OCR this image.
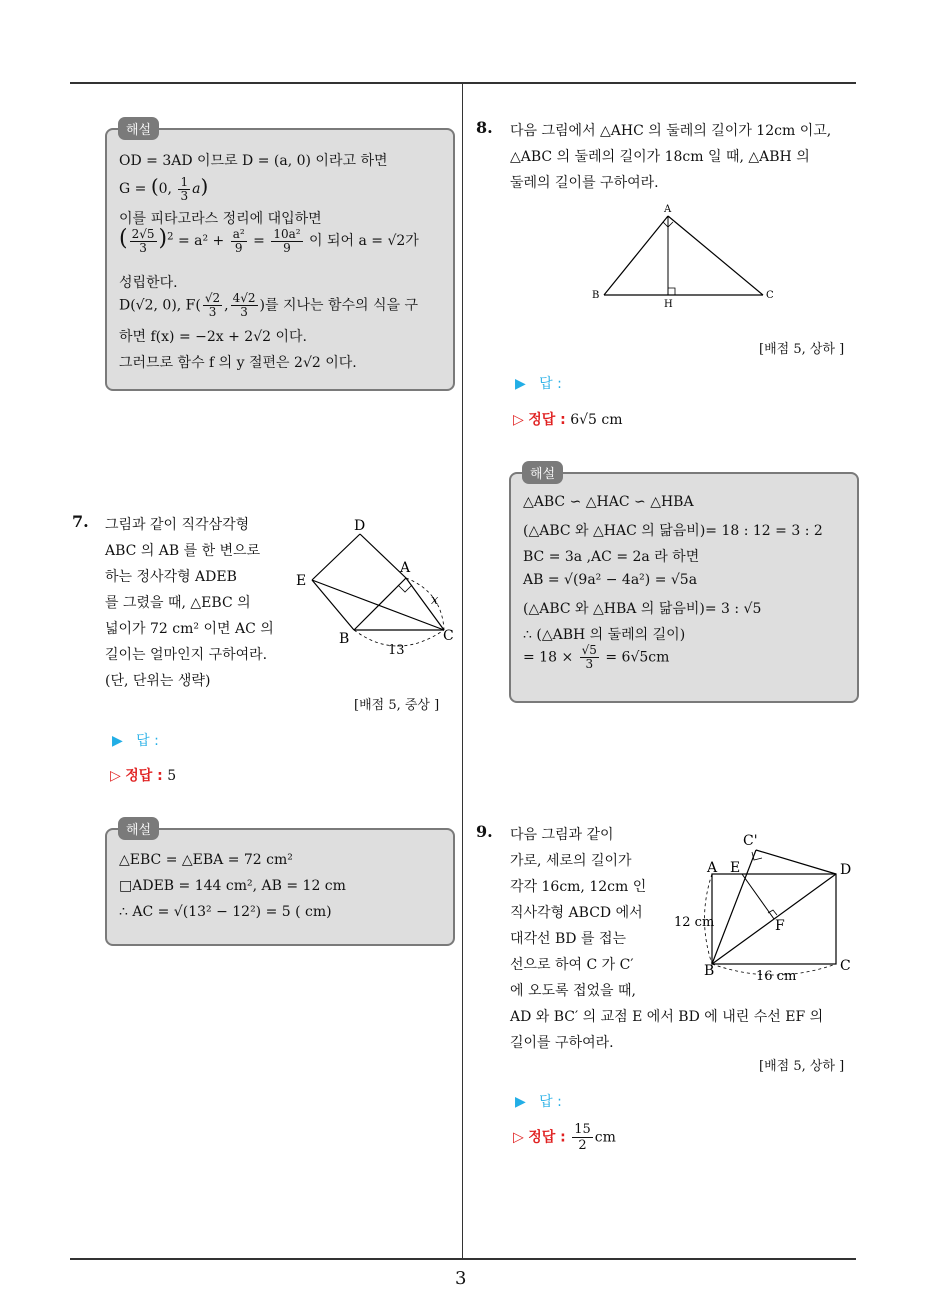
3
OD = 3AD 이므로 D = (a, 0) 이라고 하면
G = (0, $\frac{1}{3} a$)
이를 피타고라스 정리에 대입하면
( $\frac{2√5}{3} )^2 = a^2 + \frac{\text{a²}}{9} = \frac{\text{10a²}}{9}$ 이 되어 a = √2가
성립한다.
D(√2, 0), $F( \frac{√2}{3}$ , $\frac{4√2}{3}$ )를 지나는 함수의 식을 구
하면 f(x) = −2x + 2√2 이다.
그러므로 함수 f 의 y 절편은 2√2 이다.
해설
7. 그림과 같이 직각삼각형
ABC 의 AB 를 한 변으로
하는 정사각형 ADEB
를 그렸을 때, △EBC 의
넓이가 72 cm² 이면 AC 의
길이는 얼마인지 구하여라.
(단, 단위는 생략)
D
A
E
B	C
x
13
[배점 5, 중상 ]
▶ 답 :
▷ 정답 : 5
△EBC = △EBA = 72 cm²
□ADEB = 144 cm², AB = 12 cm
∴ AC = √(13² − 12²) = 5 ( cm)
해설
8. 다음 그림에서 △AHC 의 둘레의 길이가 12cm 이고,
△ABC 의 둘레의 길이가 18cm 일 때, △ABH 의
둘레의 길이를 구하여라.
A
B
H
C
[배점 5, 상하 ]
▶ 답 :
▷ 정답 : 6√5 cm
△ABC ∽ △HAC ∽ △HBA
(△ABC 와 △HAC 의 닮음비)= 18 : 12 = 3 : 2
BC = 3a ,AC = 2a 라 하면
AB = √(9a² − 4a²) = √5a
(△ABC 와 △HBA 의 닮음비)= 3 : √5
∴ (△ABH 의 둘레의 길이)
= $18 \times \frac{√5}{3} = 6√5cm$
해설
9. 다음 그림과 같이
가로, 세로의 길이가
각각 16cm, 12cm 인
직사각형 ABCD 에서
대각선 BD 를 접는
선으로 하여 C 가 C′
에 오도록 접었을 때,
AD 와 BC′ 의 교점 E 에서 BD 에 내린 수선 EF 의
길이를 구하여라.
C'
A E	D
F
B	C
12 cm
16 cm
[배점 5, 상하 ]
▶ 답 :
▷ 정답 : $\frac{15}{2}$ cm
